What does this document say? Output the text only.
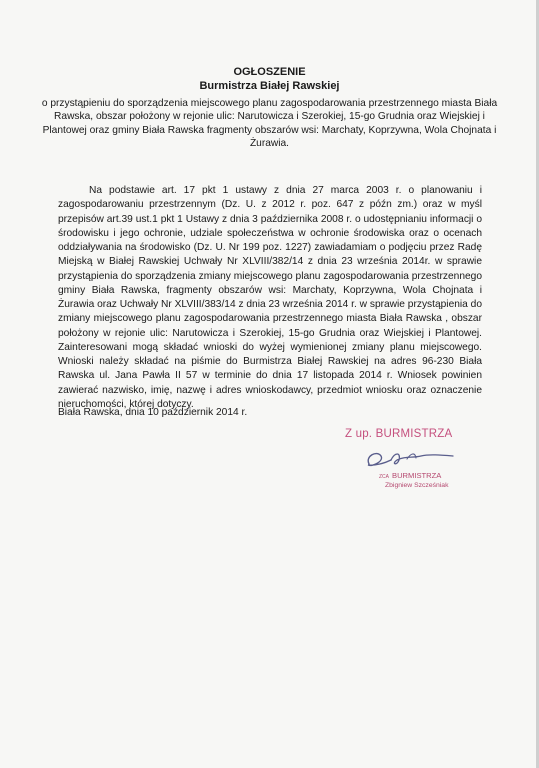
OGŁOSZENIE
Burmistrza Białej Rawskiej
o przystąpieniu do sporządzenia miejscowego planu zagospodarowania przestrzennego miasta Biała Rawska, obszar położony w rejonie ulic: Narutowicza i Szerokiej, 15-go Grudnia oraz Wiejskiej i Plantowej oraz gminy Biała Rawska fragmenty obszarów wsi: Marchaty, Koprzywna, Wola Chojnata i Żurawia.

Na podstawie art. 17 pkt 1 ustawy z dnia 27 marca 2003 r. o planowaniu i zagospodarowaniu przestrzennym (Dz. U. z 2012 r. poz. 647 z późn zm.) oraz w myśl przepisów art.39 ust.1 pkt 1 Ustawy z dnia 3 października 2008 r. o udostępnianiu informacji o środowisku i jego ochronie, udziale społeczeństwa w ochronie środowiska oraz o ocenach oddziaływania na środowisko (Dz. U. Nr 199 poz. 1227) zawiadamiam o podjęciu przez Radę Miejską w Białej Rawskiej Uchwały Nr XLVIII/382/14 z dnia 23 września 2014r. w sprawie przystąpienia do sporządzenia zmiany miejscowego planu zagospodarowania przestrzennego gminy Biała Rawska, fragmenty obszarów wsi: Marchaty, Koprzywna, Wola Chojnata i Żurawia oraz Uchwały Nr XLVIII/383/14 z dnia 23 września 2014 r. w sprawie przystąpienia do zmiany miejscowego planu zagospodarowania przestrzennego miasta Biała Rawska , obszar położony w rejonie ulic: Narutowicza i Szerokiej, 15-go Grudnia oraz Wiejskiej i Plantowej. Zainteresowani mogą składać wnioski do wyżej wymienionej zmiany planu miejscowego. Wnioski należy składać na piśmie do Burmistrza Białej Rawskiej na adres 96-230 Biała Rawska ul. Jana Pawła II 57 w terminie do dnia 17 listopada 2014 r. Wniosek powinien zawierać nazwisko, imię, nazwę i adres wnioskodawcy, przedmiot wniosku oraz oznaczenie nieruchomości, której dotyczy.

Biała Rawska, dnia 10 październik 2014 r.
Z up. BURMISTRZA
ZCA BURMISTRZA
Zbigniew Szcześniak
